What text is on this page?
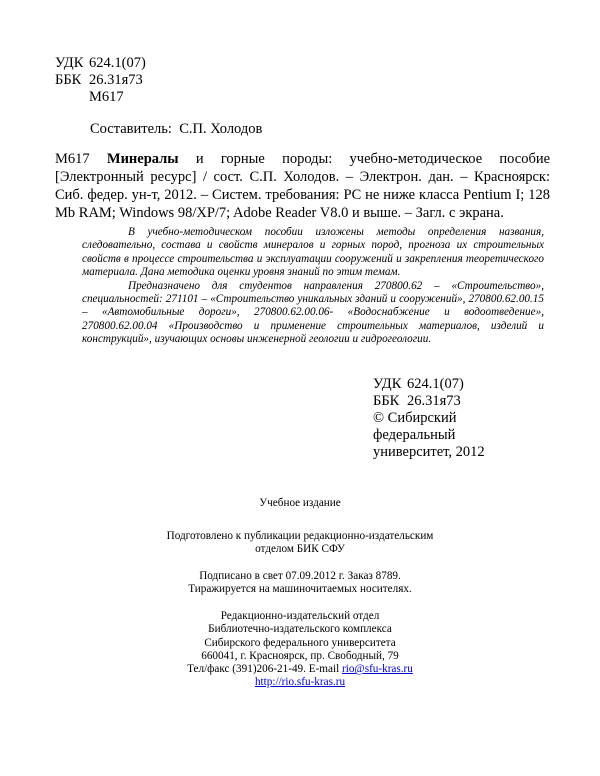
УДК 624.1(07)
ББК 26.31я73
М617
Составитель: С.П. Холодов
М617 Минералы и горные породы: учебно-методическое пособие [Электронный ресурс] / сост. С.П. Холодов. – Электрон. дан. – Красноярск: Сиб. федер. ун-т, 2012. – Систем. требования: PC не ниже класса Pentium I; 128 Mb RAM; Windows 98/XP/7; Adobe Reader V8.0 и выше. – Загл. с экрана.

В учебно-методическом пособии изложены методы определения названия, следовательно, состава и свойств минералов и горных пород, прогноза их строительных свойств в процессе строительства и эксплуатации сооружений и закрепления теоретического материала. Дана методика оценки уровня знаний по этим темам.

Предназначено для студентов направления 270800.62 – «Строительство», специальностей: 271101 – «Строительство уникальных зданий и сооружений», 270800.62.00.15 – «Автомобильные дороги», 270800.62.00.06- «Водоснабжение и водоотведение», 270800.62.00.04 «Производство и применение строительных материалов, изделий и конструкций», изучающих основы инженерной геологии и гидрогеологии.

УДК 624.1(07)
ББК 26.31я73
© Сибирский
федеральный
университет, 2012
Учебное издание
Подготовлено к публикации редакционно-издательским
отделом БИК СФУ
Подписано в свет 07.09.2012 г. Заказ 8789.
Тиражируется на машиночитаемых носителях.
Редакционно-издательский отдел
Библиотечно-издательского комплекса
Сибирского федерального университета
660041, г. Красноярск, пр. Свободный, 79
Тел/факс (391)206-21-49. E-mail rio@sfu-kras.ru
http://rio.sfu-kras.ru
